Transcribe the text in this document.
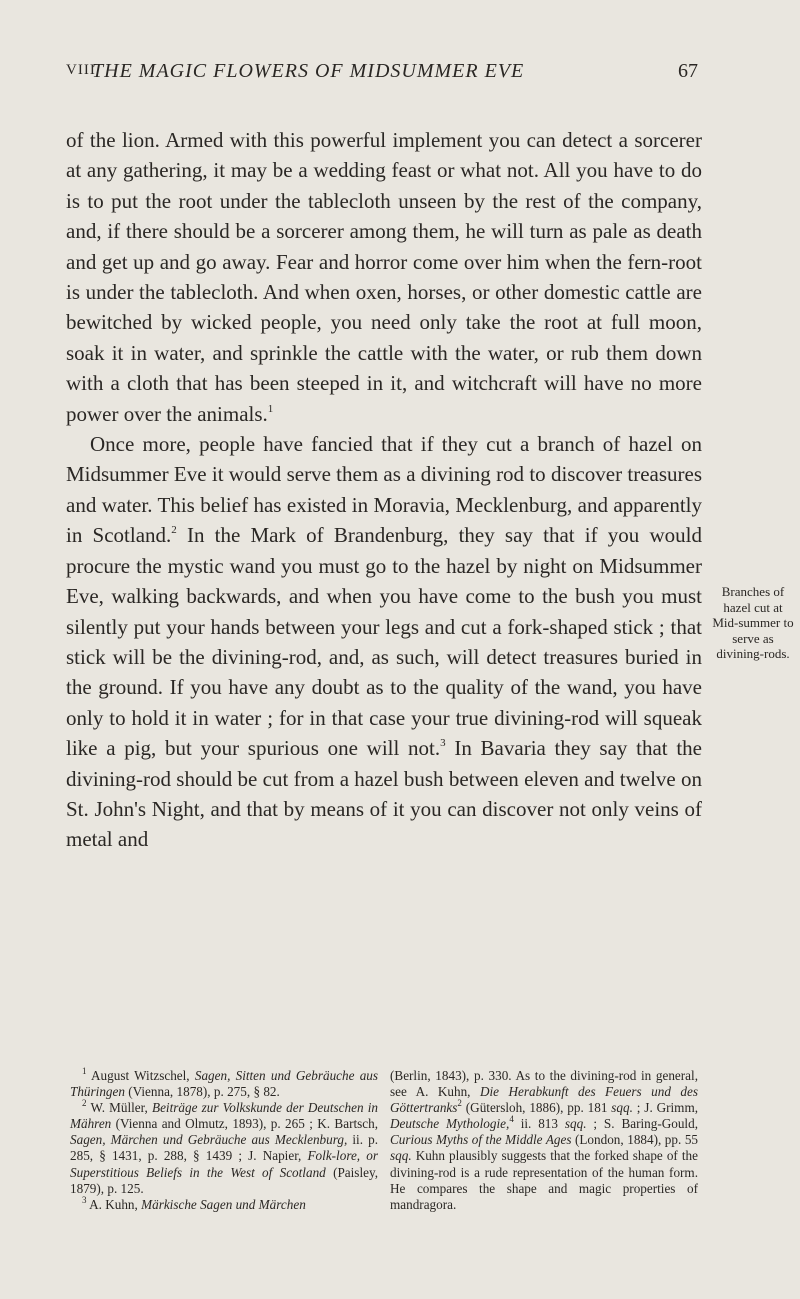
VIII
THE MAGIC FLOWERS OF MIDSUMMER EVE	67

of the lion. Armed with this powerful implement you can detect a sorcerer at any gathering, it may be a wedding feast or what not. All you have to do is to put the root under the tablecloth unseen by the rest of the company, and, if there should be a sorcerer among them, he will turn as pale as death and get up and go away. Fear and horror come over him when the fern-root is under the tablecloth. And when oxen, horses, or other domestic cattle are bewitched by wicked people, you need only take the root at full moon, soak it in water, and sprinkle the cattle with the water, or rub them down with a cloth that has been steeped in it, and witchcraft will have no more power over the animals.$^1$

Once more, people have fancied that if they cut a branch of hazel on Midsummer Eve it would serve them as a divining rod to discover treasures and water. This belief has existed in Moravia, Mecklenburg, and apparently in Scotland.$^2$ In the Mark of Brandenburg, they say that if you would procure the mystic wand you must go to the hazel by night on Midsummer Eve, walking backwards, and when you have come to the bush you must silently put your hands between your legs and cut a fork-shaped stick ; that stick will be the divining-rod, and, as such, will detect treasures buried in the ground. If you have any doubt as to the quality of the wand, you have only to hold it in water ; for in that case your true divining-rod will squeak like a pig, but your spurious one will not.$^3$ In Bavaria they say that the divining-rod should be cut from a hazel bush between eleven and twelve on St. John's Night, and that by means of it you can discover not only veins of metal and

Branches of hazel cut at Mid-summer to serve as divining-rods.

$^1$ August Witzschel, Sagen, Sitten und Gebräuche aus Thüringen (Vienna, 1878), p. 275, § 82.

$^2$ W. Müller, Beiträge zur Volkskunde der Deutschen in Mähren (Vienna and Olmutz, 1893), p. 265 ; K. Bartsch, Sagen, Märchen und Gebräuche aus Mecklenburg, ii. p. 285, § 1431, p. 288, § 1439 ; J. Napier, Folk-lore, or Superstitious Beliefs in the West of Scotland (Paisley, 1879), p. 125.

$^3$ A. Kuhn, Märkische Sagen und Märchen

(Berlin, 1843), p. 330. As to the divining-rod in general, see A. Kuhn, Die Herabkunft des Feuers und des Göttertranks$^2$ (Gütersloh, 1886), pp. 181 sqq. ; J. Grimm, Deutsche Mythologie,$^4$ ii. 813 sqq. ; S. Baring-Gould, Curious Myths of the Middle Ages (London, 1884), pp. 55 sqq. Kuhn plausibly suggests that the forked shape of the divining-rod is a rude representation of the human form. He compares the shape and magic properties of mandragora.
